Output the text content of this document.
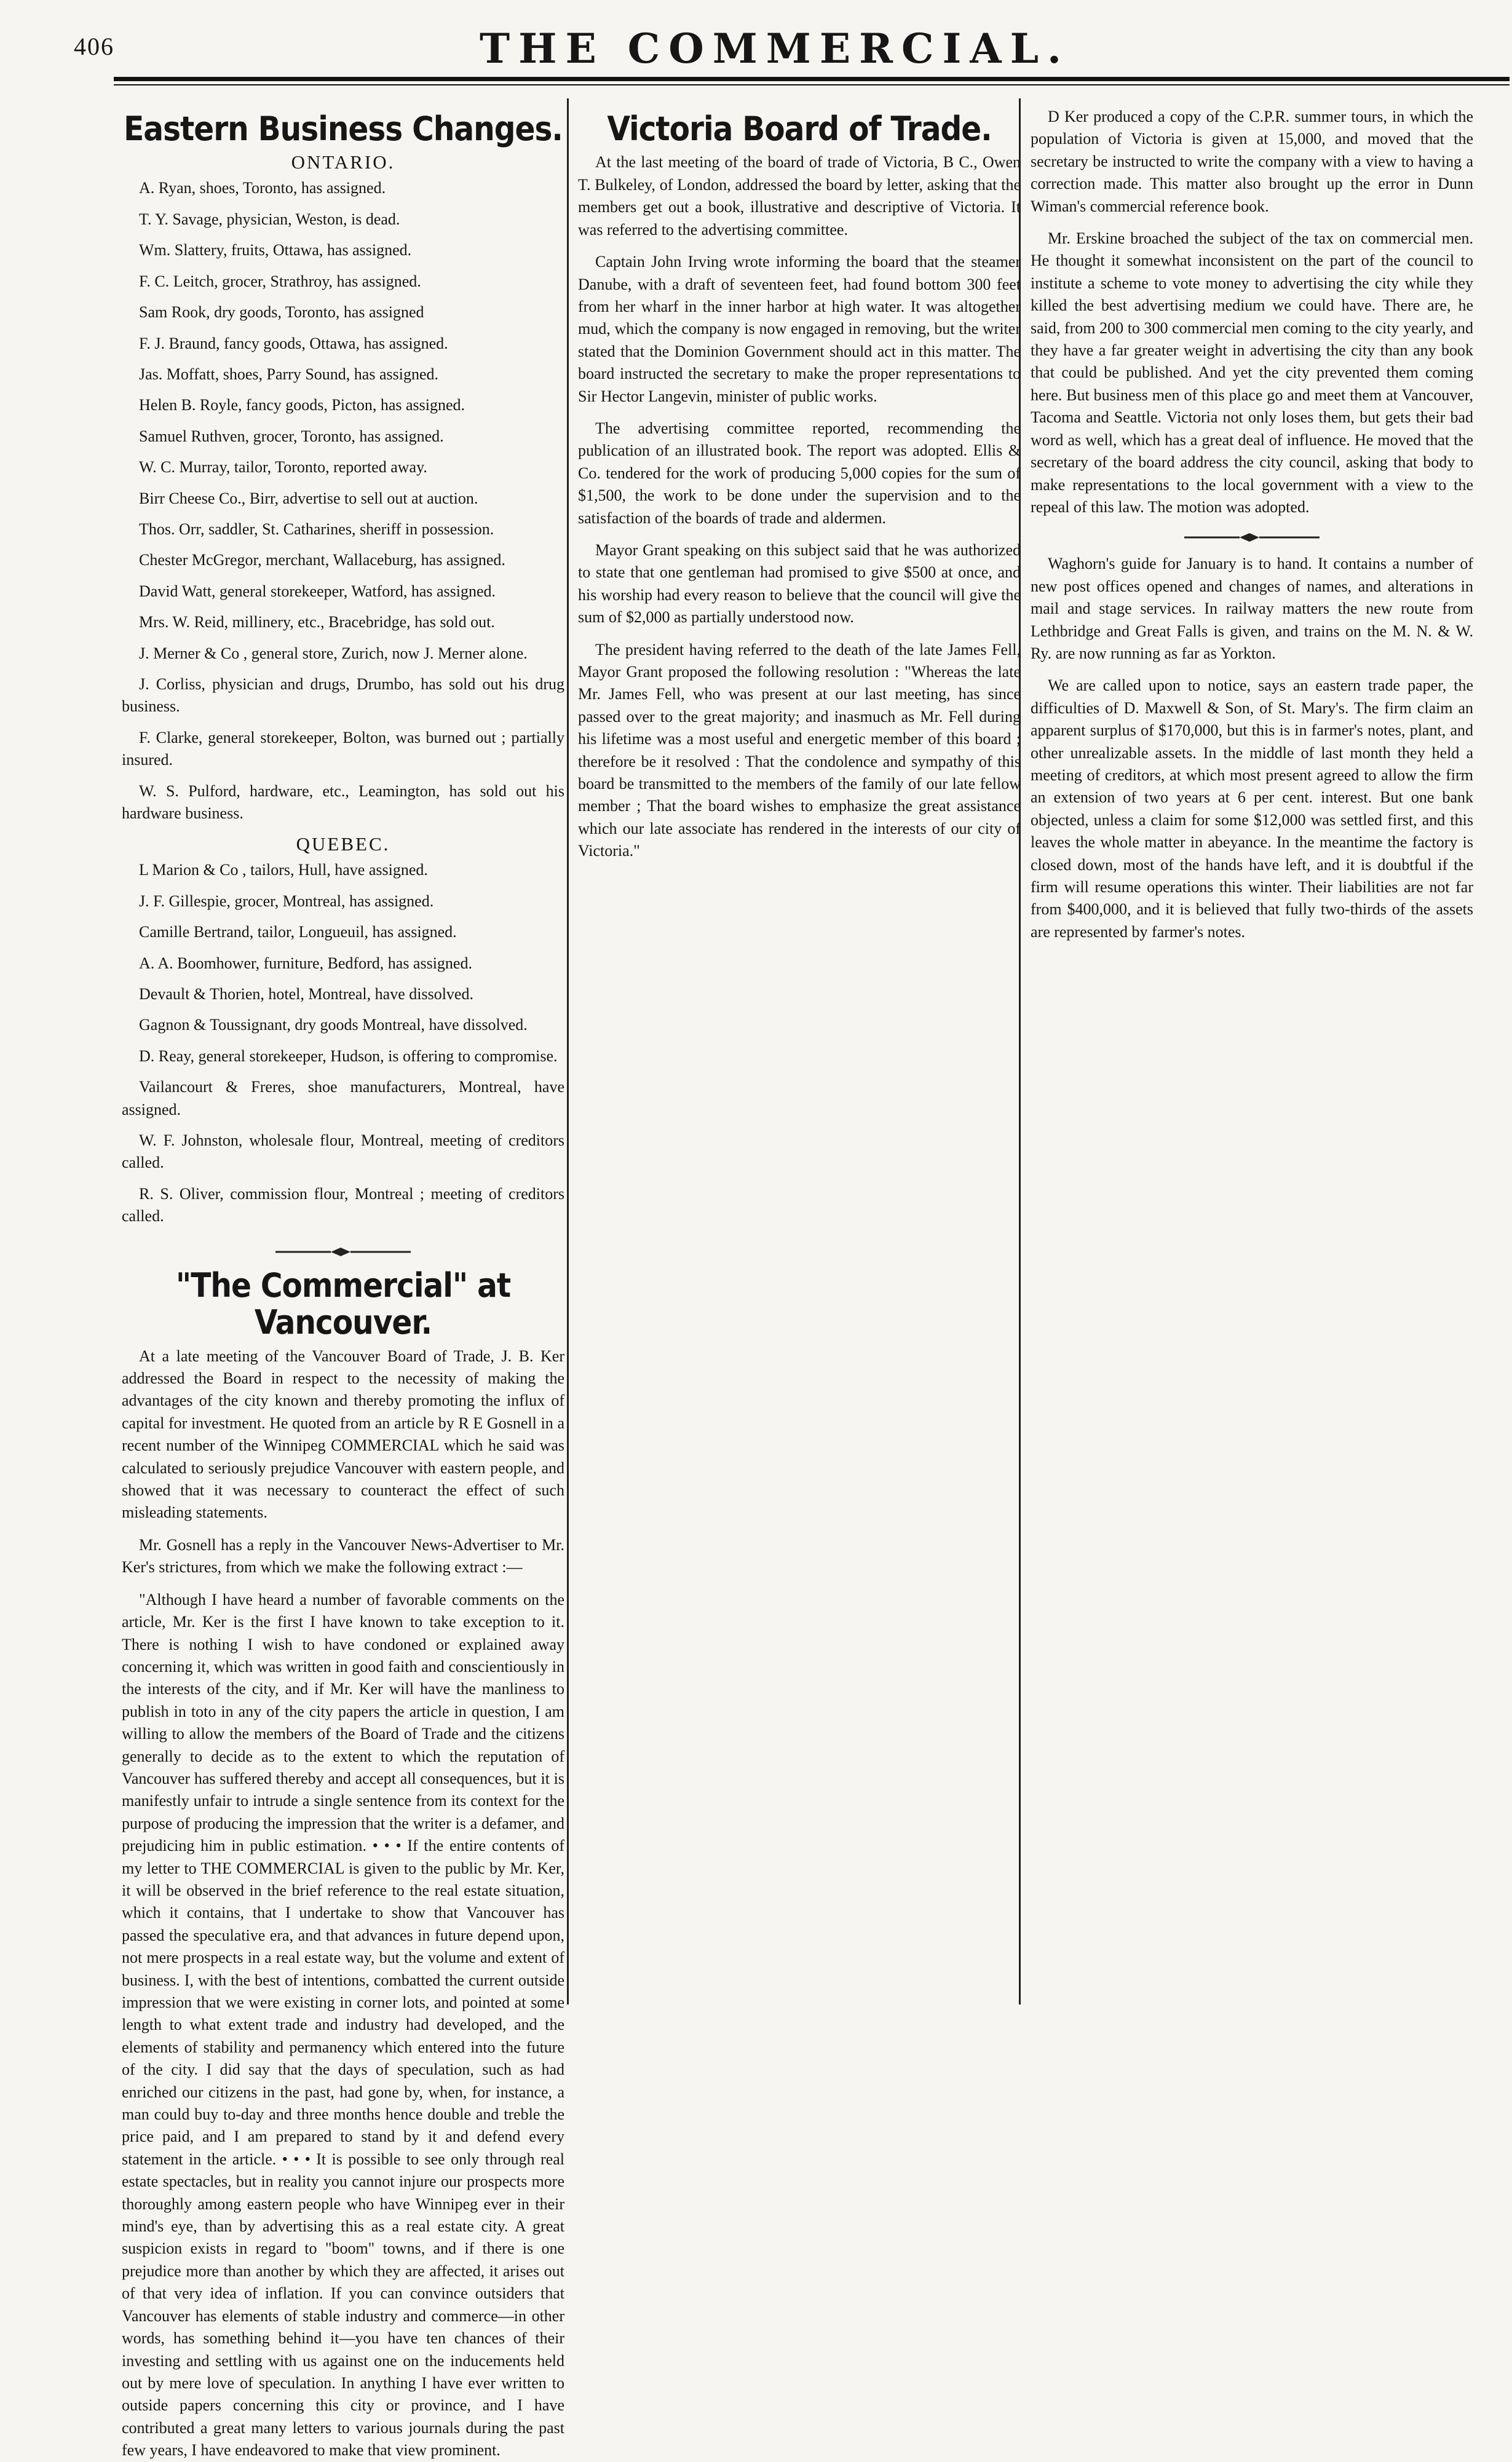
406	THE COMMERCIAL.
Eastern Business Changes.
ONTARIO.
A. Ryan, shoes, Toronto, has assigned.
T. Y. Savage, physician, Weston, is dead.
Wm. Slattery, fruits, Ottawa, has assigned.
F. C. Leitch, grocer, Strathroy, has assigned.
Sam Rook, dry goods, Toronto, has assigned
F. J. Braund, fancy goods, Ottawa, has assigned.
Jas. Moffatt, shoes, Parry Sound, has assigned.
Helen B. Royle, fancy goods, Picton, has assigned.
Samuel Ruthven, grocer, Toronto, has assigned.
W. C. Murray, tailor, Toronto, reported away.
Birr Cheese Co., Birr, advertise to sell out at auction.
Thos. Orr, saddler, St. Catharines, sheriff in possession.
Chester McGregor, merchant, Wallaceburg, has assigned.
David Watt, general storekeeper, Watford, has assigned.
Mrs. W. Reid, millinery, etc., Bracebridge, has sold out.
J. Merner & Co , general store, Zurich, now J. Merner alone.
J. Corliss, physician and drugs, Drumbo, has sold out his drug business.
F. Clarke, general storekeeper, Bolton, was burned out ; partially insured.
W. S. Pulford, hardware, etc., Leamington, has sold out his hardware business.
QUEBEC.
L Marion & Co , tailors, Hull, have assigned.
J. F. Gillespie, grocer, Montreal, has assigned.
Camille Bertrand, tailor, Longueuil, has assigned.
A. A. Boomhower, furniture, Bedford, has assigned.
Devault & Thorien, hotel, Montreal, have dissolved.
Gagnon & Toussignant, dry goods Montreal, have dissolved.
D. Reay, general storekeeper, Hudson, is offering to compromise.
Vailancourt & Freres, shoe manufacturers, Montreal, have assigned.
W. F. Johnston, wholesale flour, Montreal, meeting of creditors called.
R. S. Oliver, commission flour, Montreal ; meeting of creditors called.
"The Commercial" at Vancouver.

At a late meeting of the Vancouver Board of Trade, J. B. Ker addressed the Board in respect to the necessity of making the advantages of the city known and thereby promoting the influx of capital for investment. He quoted from an article by R E Gosnell in a recent number of the Winnipeg COMMERCIAL which he said was calculated to seriously prejudice Vancouver with eastern people, and showed that it was necessary to counteract the effect of such misleading statements.

Mr. Gosnell has a reply in the Vancouver News-Advertiser to Mr. Ker's strictures, from which we make the following extract :—

"Although I have heard a number of favorable comments on the article, Mr. Ker is the first I have known to take exception to it. There is nothing I wish to have condoned or explained away concerning it, which was written in good faith and conscientiously in the interests of the city, and if Mr. Ker will have the manliness to publish in toto in any of the city papers the article in question, I am willing to allow the members of the Board of Trade and the citizens generally to decide as to the extent to which the reputation of Vancouver has suffered thereby and accept all consequences, but it is manifestly unfair to intrude a single sentence from its context for the purpose of producing the impression that the writer is a defamer, and prejudicing him in public estimation. • • • If the entire contents of my letter to THE COMMERCIAL is given to the public by Mr. Ker, it will be observed in the brief reference to the real estate situation, which it contains, that I undertake to show that Vancouver has passed the speculative era, and that advances in future depend upon, not mere prospects in a real estate way, but the volume and extent of business. I, with the best of intentions, combatted the current outside impression that we were existing in corner lots, and pointed at some length to what extent trade and industry had developed, and the elements of stability and permanency which entered into the future of the city. I did say that the days of speculation, such as had enriched our citizens in the past, had gone by, when, for instance, a man could buy to-day and three months hence double and treble the price paid, and I am prepared to stand by it and defend every statement in the article. • • • It is possible to see only through real estate spectacles, but in reality you cannot injure our prospects more thoroughly among eastern people who have Winnipeg ever in their mind's eye, than by advertising this as a real estate city. A great suspicion exists in regard to "boom" towns, and if there is one prejudice more than another by which they are affected, it arises out of that very idea of inflation. If you can convince outsiders that Vancouver has elements of stable industry and commerce—in other words, has something behind it—you have ten chances of their investing and settling with us against one on the inducements held out by mere love of speculation. In anything I have ever written to outside papers concerning this city or province, and I have contributed a great many letters to various journals during the past few years, I have endeavored to make that view prominent.

Victoria Board of Trade.

At the last meeting of the board of trade of Victoria, B C., Owen T. Bulkeley, of London, addressed the board by letter, asking that the members get out a book, illustrative and descriptive of Victoria. It was referred to the advertising committee.

Captain John Irving wrote informing the board that the steamer Danube, with a draft of seventeen feet, had found bottom 300 feet from her wharf in the inner harbor at high water. It was altogether mud, which the company is now engaged in removing, but the writer stated that the Dominion Government should act in this matter. The board instructed the secretary to make the proper representations to Sir Hector Langevin, minister of public works.

The advertising committee reported, recommending the publication of an illustrated book. The report was adopted. Ellis & Co. tendered for the work of producing 5,000 copies for the sum of $1,500, the work to be done under the supervision and to the satisfaction of the boards of trade and aldermen.

Mayor Grant speaking on this subject said that he was authorized to state that one gentleman had promised to give $500 at once, and his worship had every reason to believe that the council will give the sum of $2,000 as partially understood now.

The president having referred to the death of the late James Fell, Mayor Grant proposed the following resolution : "Whereas the late Mr. James Fell, who was present at our last meeting, has since passed over to the great majority; and inasmuch as Mr. Fell during his lifetime was a most useful and energetic member of this board ; therefore be it resolved : That the condolence and sympathy of this board be transmitted to the members of the family of our late fellow member ; That the board wishes to emphasize the great assistance which our late associate has rendered in the interests of our city of Victoria."

D Ker produced a copy of the C.P.R. summer tours, in which the population of Victoria is given at 15,000, and moved that the secretary be instructed to write the company with a view to having a correction made. This matter also brought up the error in Dunn Wiman's commercial reference book.

Mr. Erskine broached the subject of the tax on commercial men. He thought it somewhat inconsistent on the part of the council to institute a scheme to vote money to advertising the city while they killed the best advertising medium we could have. There are, he said, from 200 to 300 commercial men coming to the city yearly, and they have a far greater weight in advertising the city than any book that could be published. And yet the city prevented them coming here. But business men of this place go and meet them at Vancouver, Tacoma and Seattle. Victoria not only loses them, but gets their bad word as well, which has a great deal of influence. He moved that the secretary of the board address the city council, asking that body to make representations to the local government with a view to the repeal of this law. The motion was adopted.

Waghorn's guide for January is to hand. It contains a number of new post offices opened and changes of names, and alterations in mail and stage services. In railway matters the new route from Lethbridge and Great Falls is given, and trains on the M. N. & W. Ry. are now running as far as Yorkton.

We are called upon to notice, says an eastern trade paper, the difficulties of D. Maxwell & Son, of St. Mary's. The firm claim an apparent surplus of $170,000, but this is in farmer's notes, plant, and other unrealizable assets. In the middle of last month they held a meeting of creditors, at which most present agreed to allow the firm an extension of two years at 6 per cent. interest. But one bank objected, unless a claim for some $12,000 was settled first, and this leaves the whole matter in abeyance. In the meantime the factory is closed down, most of the hands have left, and it is doubtful if the firm will resume operations this winter. Their liabilities are not far from $400,000, and it is believed that fully two-thirds of the assets are represented by farmer's notes.
